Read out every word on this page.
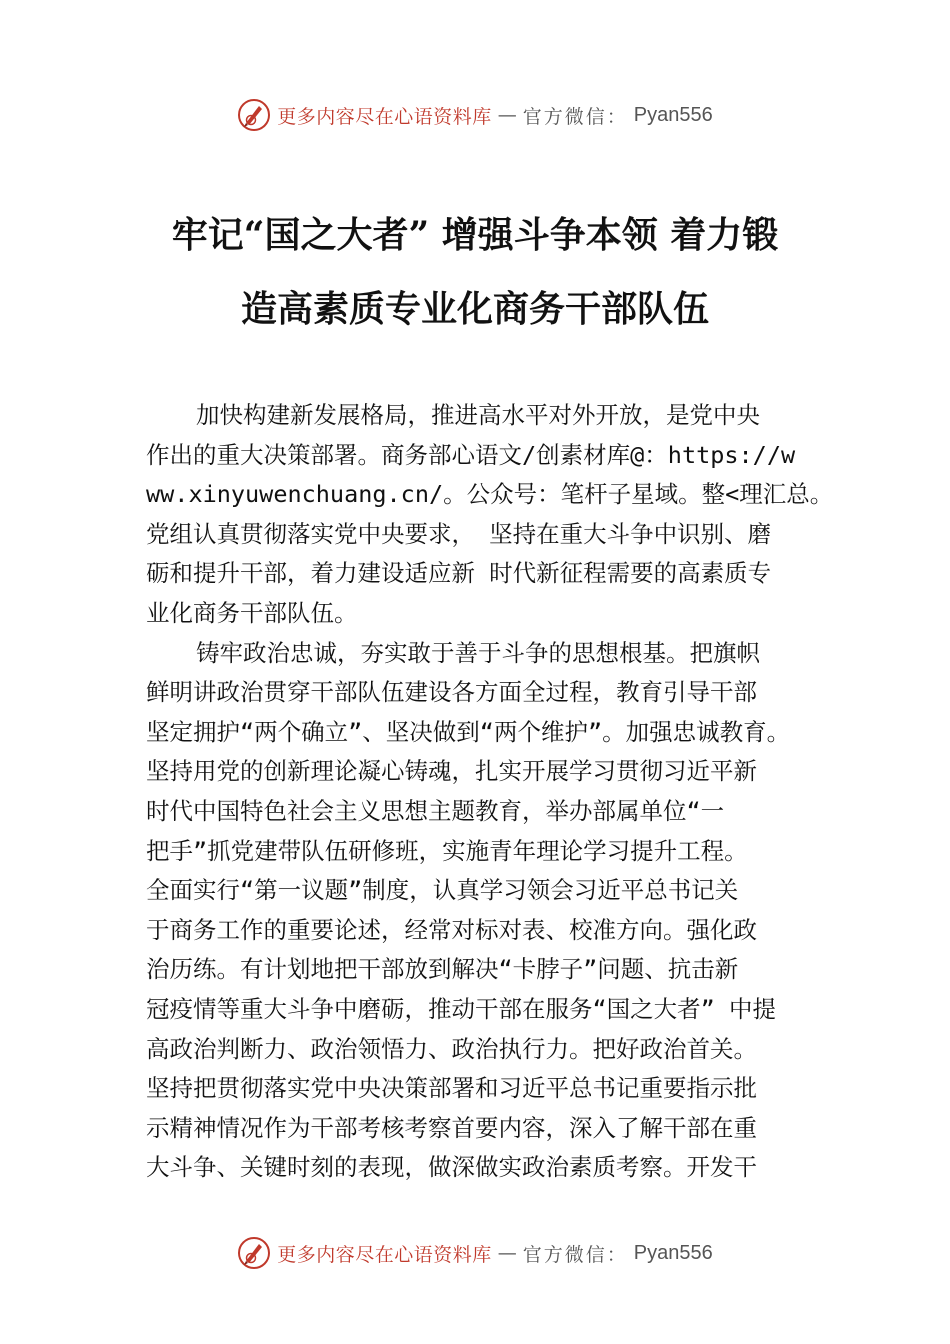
更多内容尽在心语资料库 — 官方微信： Pyan556
牢记“国之大者” 增强斗争本领 着力锻
造高素质专业化商务干部队伍
加快构建新发展格局，推进高水平对外开放，是党中央
作出的重大决策部署。商务部心语文/创素材库@：https://w
ww.xinyuwenchuang.cn/。公众号：笔杆子星域。整<理汇总。
党组认真贯彻落实党中央要求， 坚持在重大斗争中识别、磨
砺和提升干部，着力建设适应新 时代新征程需要的高素质专
业化商务干部队伍。
铸牢政治忠诚，夯实敢于善于斗争的思想根基。把旗帜
鲜明讲政治贯穿干部队伍建设各方面全过程，教育引导干部
坚定拥护“两个确立”、坚决做到“两个维护”。加强忠诚教育。
坚持用党的创新理论凝心铸魂，扎实开展学习贯彻习近平新
时代中国特色社会主义思想主题教育，举办部属单位“一
把手”抓党建带队伍研修班，实施青年理论学习提升工程。
全面实行“第一议题”制度，认真学习领会习近平总书记关
于商务工作的重要论述，经常对标对表、校准方向。强化政
治历练。有计划地把干部放到解决“卡脖子”问题、抗击新
冠疫情等重大斗争中磨砺，推动干部在服务“国之大者” 中提
高政治判断力、政治领悟力、政治执行力。把好政治首关。
坚持把贯彻落实党中央决策部署和习近平总书记重要指示批
示精神情况作为干部考核考察首要内容，深入了解干部在重
大斗争、关键时刻的表现，做深做实政治素质考察。开发干
更多内容尽在心语资料库 — 官方微信： Pyan556
